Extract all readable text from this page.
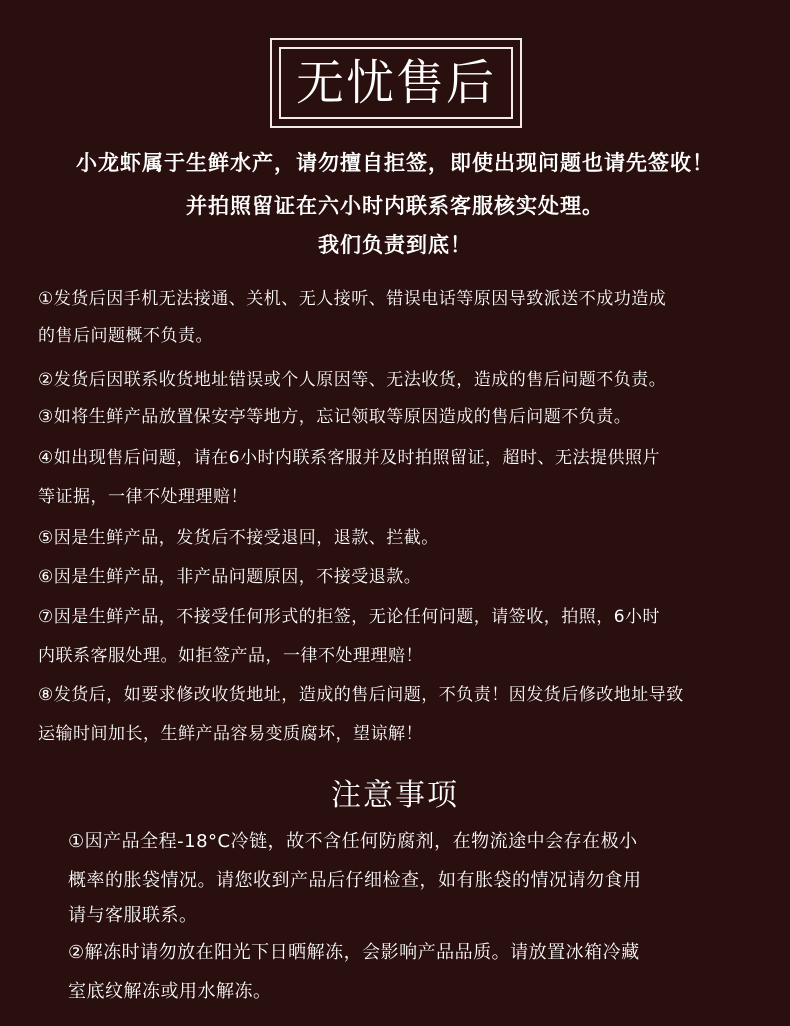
无忧售后
小龙虾属于生鲜水产，请勿擅自拒签，即使出现问题也请先签收！
并拍照留证在六小时内联系客服核实处理。
我们负责到底！
①发货后因手机无法接通、关机、无人接听、错误电话等原因导致派送不成功造成
的售后问题概不负责。
②发货后因联系收货地址错误或个人原因等、无法收货，造成的售后问题不负责。
③如将生鲜产品放置保安亭等地方，忘记领取等原因造成的售后问题不负责。
④如出现售后问题，请在6小时内联系客服并及时拍照留证，超时、无法提供照片
等证据，一律不处理理赔！
⑤因是生鲜产品，发货后不接受退回，退款、拦截。
⑥因是生鲜产品，非产品问题原因，不接受退款。
⑦因是生鲜产品，不接受任何形式的拒签，无论任何问题，请签收，拍照，6小时
内联系客服处理。如拒签产品，一律不处理理赔！
⑧发货后，如要求修改收货地址，造成的售后问题，不负责！因发货后修改地址导致
运输时间加长，生鲜产品容易变质腐坏，望谅解！
注意事项
①因产品全程-18°C冷链，故不含任何防腐剂，在物流途中会存在极小
概率的胀袋情况。请您收到产品后仔细检查，如有胀袋的情况请勿食用
请与客服联系。
②解冻时请勿放在阳光下日晒解冻，会影响产品品质。请放置冰箱冷藏
室底纹解冻或用水解冻。
